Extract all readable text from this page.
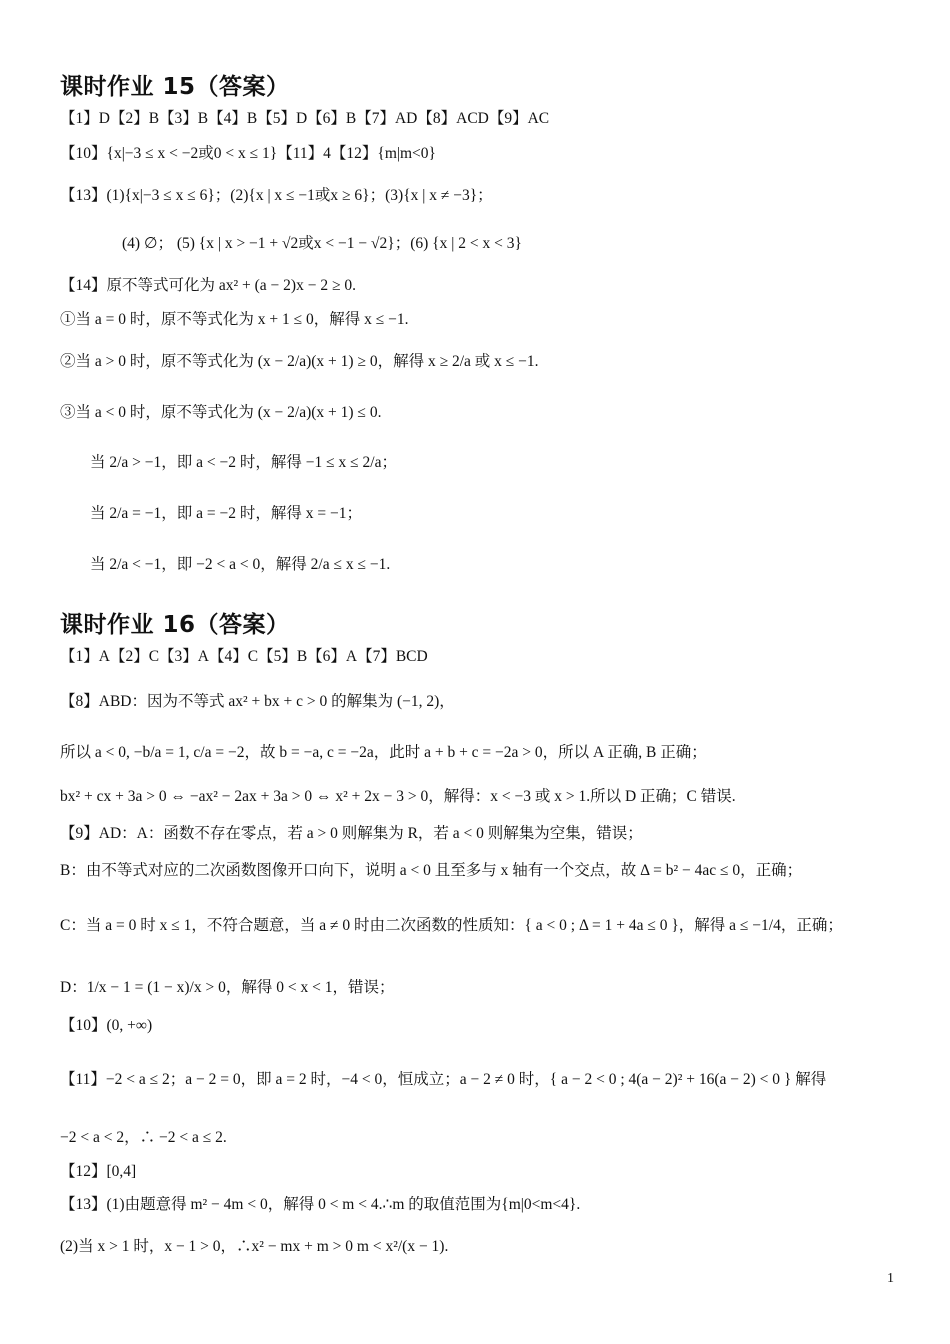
课时作业 15（答案）
【1】D【2】B【3】B【4】B【5】D【6】B【7】AD【8】ACD【9】AC
【10】{x|−3 ≤ x < −2或0 < x ≤ 1}【11】4【12】{m|m<0}
【13】(1){x|−3 ≤ x ≤ 6}；(2){x | x ≤ −1或x ≥ 6}；(3){x | x ≠ −3}；
(4) ∅； (5) {x | x > −1 + √2或x < −1 − √2}；(6) {x | 2 < x < 3}
【14】原不等式可化为 ax² + (a − 2)x − 2 ≥ 0.
①当 a = 0 时，原不等式化为 x + 1 ≤ 0，解得 x ≤ −1.
②当 a > 0 时，原不等式化为 (x − 2/a)(x + 1) ≥ 0，解得 x ≥ 2/a 或 x ≤ −1.
③当 a < 0 时，原不等式化为 (x − 2/a)(x + 1) ≤ 0.
当 2/a > −1，即 a < −2 时，解得 −1 ≤ x ≤ 2/a；
当 2/a = −1，即 a = −2 时，解得 x = −1；
当 2/a < −1，即 −2 < a < 0，解得 2/a ≤ x ≤ −1.
课时作业 16（答案）
【1】A【2】C【3】A【4】C【5】B【6】A【7】BCD
【8】ABD：因为不等式 ax² + bx + c > 0 的解集为 (−1, 2)，
所以 a < 0, −b/a = 1, c/a = −2，故 b = −a, c = −2a，此时 a + b + c = −2a > 0，所以 A 正确, B 正确；
bx² + cx + 3a > 0 ⇔ −ax² − 2ax + 3a > 0 ⇔ x² + 2x − 3 > 0，解得：x < −3 或 x > 1.所以 D 正确；C 错误.
【9】AD：A：函数不存在零点，若 a > 0 则解集为 R，若 a < 0 则解集为空集，错误；
B：由不等式对应的二次函数图像开口向下，说明 a < 0 且至多与 x 轴有一个交点，故 Δ = b² − 4ac ≤ 0，正确；
C：当 a = 0 时 x ≤ 1，不符合题意，当 a ≠ 0 时由二次函数的性质知：{ a < 0 ; Δ = 1 + 4a ≤ 0 }，解得 a ≤ −1/4，正确；
D：1/x − 1 = (1 − x)/x > 0，解得 0 < x < 1，错误；
【10】(0, +∞)
【11】−2 < a ≤ 2；a − 2 = 0，即 a = 2 时，−4 < 0，恒成立；a − 2 ≠ 0 时，{ a − 2 < 0 ; 4(a − 2)² + 16(a − 2) < 0 } 解得
−2 < a < 2，∴ −2 < a ≤ 2.
【12】[0,4]
【13】(1)由题意得 m² − 4m < 0，解得 0 < m < 4.∴m 的取值范围为{m|0<m<4}.
(2)当 x > 1 时，x − 1 > 0，∴x² − mx + m > 0 m < x²/(x − 1).
1
